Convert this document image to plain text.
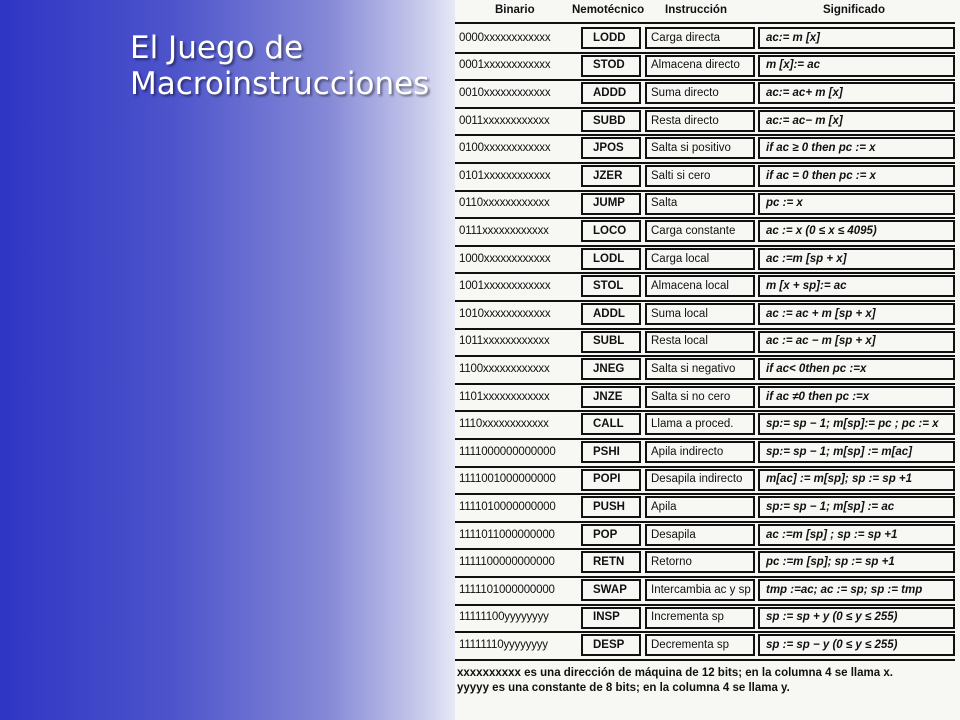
El Juego de
Macroinstrucciones
Binario	Nemotécnico Instrucción	Significado
0000xxxxxxxxxxxx	LODD	Carga directa	ac:= m [x]
0001xxxxxxxxxxxx	STOD	Almacena directo	m [x]:= ac
0010xxxxxxxxxxxx	ADDD	Suma directo	ac:= ac+ m [x]
0011xxxxxxxxxxxx	SUBD	Resta directo	ac:= ac− m [x]
0100xxxxxxxxxxxx	JPOS	Salta si positivo	if ac ≥ 0 then pc := x
0101xxxxxxxxxxxx	JZER	Salti si cero	if ac = 0 then pc := x
0110xxxxxxxxxxxx	JUMP	Salta	pc := x
0111xxxxxxxxxxxx	LOCO	Carga constante	ac := x (0 ≤ x ≤ 4095)
1000xxxxxxxxxxxx	LODL	Carga local	ac :=m [sp + x]
1001xxxxxxxxxxxx	STOL	Almacena local	m [x + sp]:= ac
1010xxxxxxxxxxxx	ADDL	Suma local	ac := ac + m [sp + x]
1011xxxxxxxxxxxx	SUBL	Resta local	ac := ac − m [sp + x]
1100xxxxxxxxxxxx	JNEG	Salta si negativo	if ac< 0then pc :=x
1101xxxxxxxxxxxx	JNZE	Salta si no cero	if ac ≠0 then pc :=x
1110xxxxxxxxxxxx	CALL	Llama a proced.	sp:= sp − 1; m[sp]:= pc ; pc := x
1111000000000000	PSHI	Apila indirecto	sp:= sp − 1; m[sp] := m[ac]
1111001000000000	POPI	Desapila indirecto	m[ac] := m[sp]; sp := sp +1
1111010000000000	PUSH	Apila	sp:= sp − 1; m[sp] := ac
1111011000000000	POP	Desapila	ac :=m [sp] ; sp := sp +1
1111100000000000	RETN	Retorno	pc :=m [sp]; sp := sp +1
1111101000000000	SWAP	Intercambia ac y sp	tmp :=ac; ac := sp; sp := tmp
11111100yyyyyyyy	INSP	Incrementa sp	sp := sp + y (0 ≤ y ≤ 255)
11111110yyyyyyyy	DESP	Decrementa sp	sp := sp − y (0 ≤ y ≤ 255)
xxxxxxxxxx es una dirección de máquina de 12 bits; en la columna 4 se llama x.
yyyyy es una constante de 8 bits; en la columna 4 se llama y.
